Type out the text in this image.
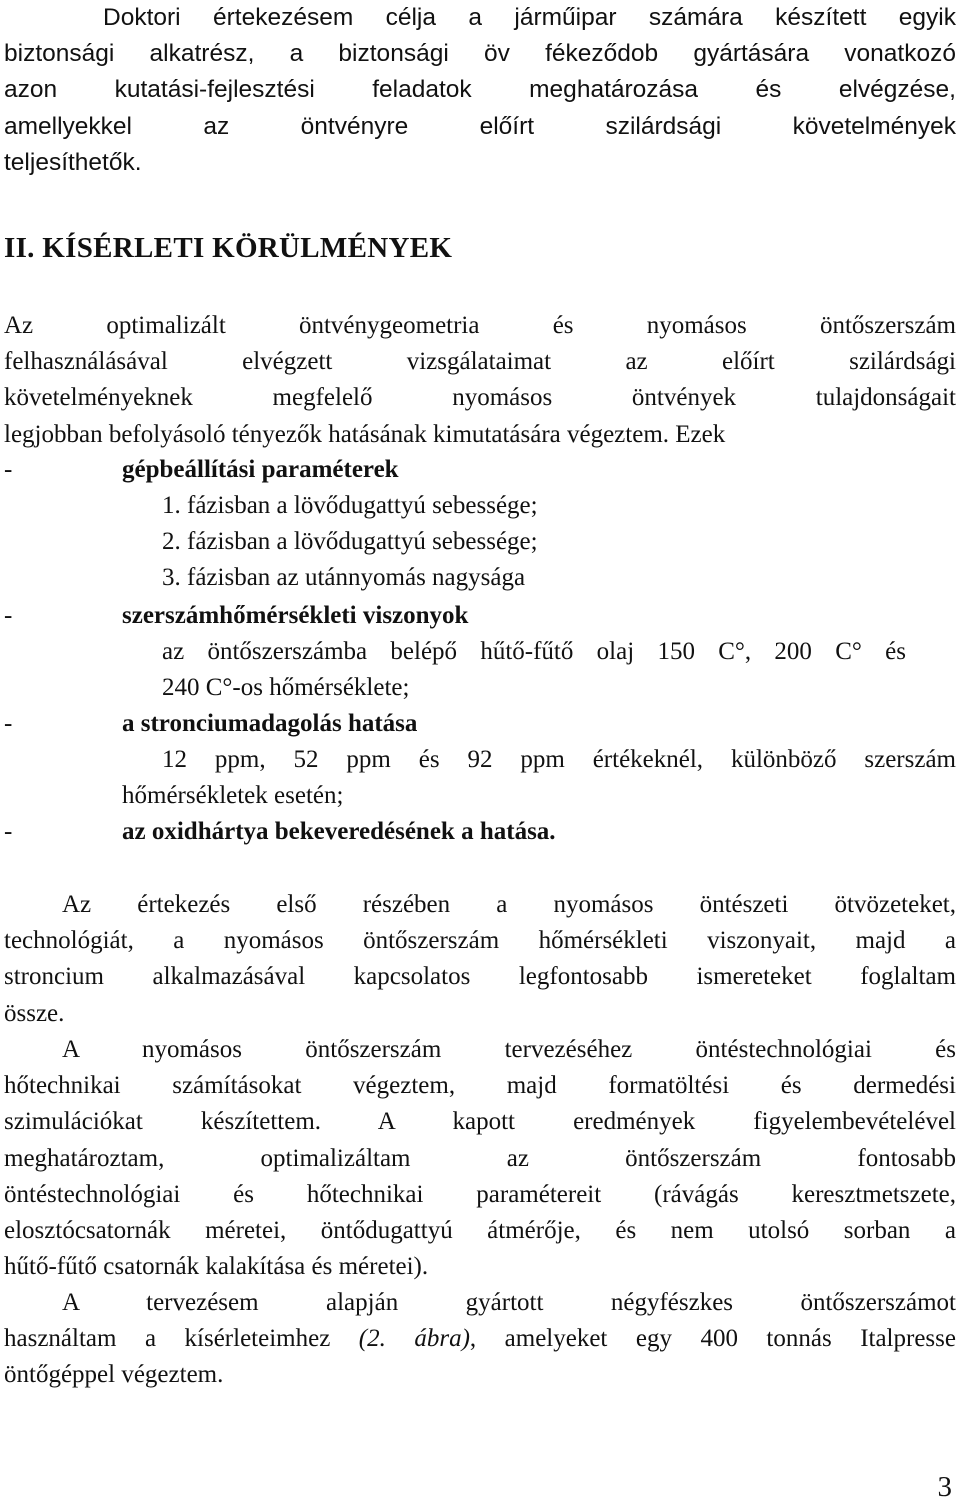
Doktori értekezésem célja a járműipar számára készített egyik
biztonsági alkatrész, a biztonsági öv fékeződob gyártására vonatkozó
azon kutatási-fejlesztési feladatok meghatározása és elvégzése,
amellyekkel az öntvényre előírt szilárdsági követelmények
teljesíthetők.

II. KÍSÉRLETI KÖRÜLMÉNYEK

Az optimalizált öntvénygeometria és nyomásos öntőszerszám
felhasználásával elvégzett vizsgálataimat az előírt szilárdsági
követelményeknek megfelelő nyomásos öntvények tulajdonságait
legjobban befolyásoló tényezők hatásának kimutatására végeztem. Ezek

-	gépbeállítási paraméterek
1. fázisban a lövődugattyú sebessége;
2. fázisban a lövődugattyú sebessége;
3. fázisban az utánnyomás nagysága
-	szerszámhőmérsékleti viszonyok
az öntőszerszámba belépő hűtő-fűtő olaj 150 C°, 200 C° és
240 C°-os hőmérséklete;
-	a stronciumadagolás hatása
12 ppm, 52 ppm és 92 ppm értékeknél, különböző szerszám
hőmérsékletek esetén;
-	az oxidhártya bekeveredésének a hatása.

Az értekezés első részében a nyomásos öntészeti ötvözeteket,
technológiát, a nyomásos öntőszerszám hőmérsékleti viszonyait, majd a
stroncium alkalmazásával kapcsolatos legfontosabb ismereteket foglaltam
össze.

A nyomásos öntőszerszám tervezéséhez öntéstechnológiai és
hőtechnikai számításokat végeztem, majd formatöltési és dermedési
szimulációkat készítettem. A kapott eredmények figyelembevételével
meghatároztam, optimalizáltam az öntőszerszám fontosabb
öntéstechnológiai és hőtechnikai paramétereit (rávágás keresztmetszete,
elosztócsatornák méretei, öntődugattyú átmérője, és nem utolsó sorban a
hűtő-fűtő csatornák kalakítása és méretei).

A tervezésem alapján gyártott négyfészkes öntőszerszámot
használtam a kísérleteimhez (2. ábra), amelyeket egy 400 tonnás Italpresse
öntőgéppel végeztem.

3
